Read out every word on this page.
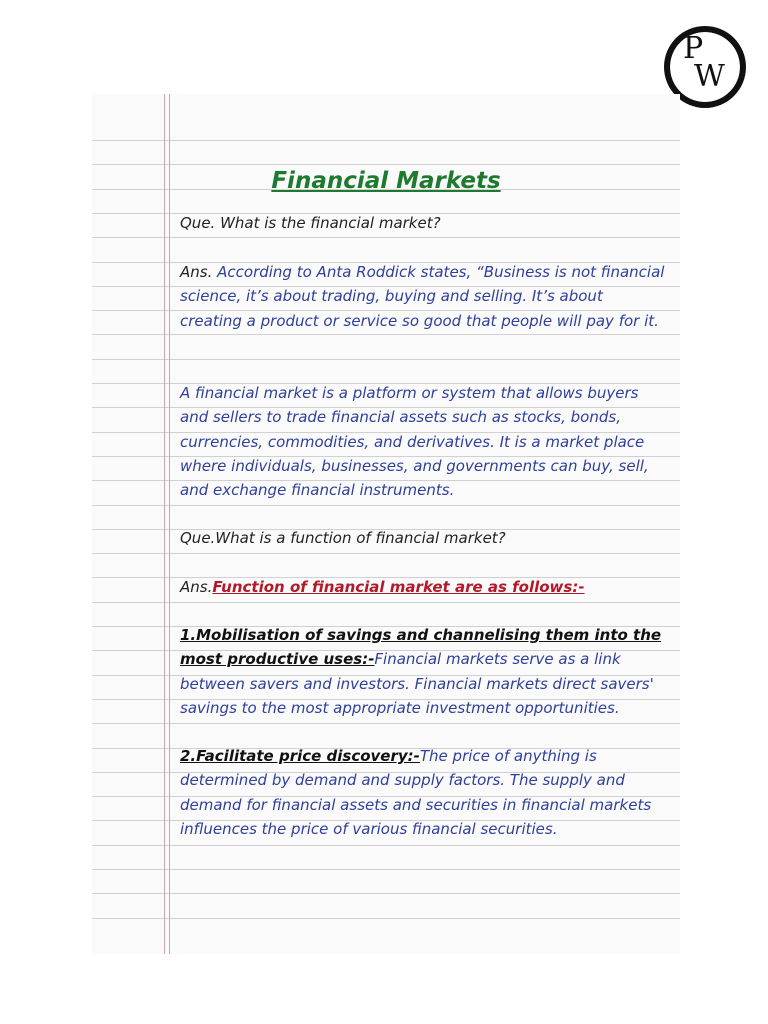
P
W
Financial Markets

Que. What is the financial market?

Ans. According to Anta Roddick states, “Business is not financial science, it’s about trading, buying and selling. It’s about creating a product or service so good that people will pay for it.

A financial market is a platform or system that allows buyers and sellers to trade financial assets such as stocks, bonds, currencies, commodities, and derivatives. It is a market place where individuals, businesses, and governments can buy, sell, and exchange financial instruments.

Que.What is a function of financial market?

Ans.Function of financial market are as follows:-

1.Mobilisation of savings and channelising them into the most productive uses:-Financial markets serve as a link between savers and investors. Financial markets direct savers' savings to the most appropriate investment opportunities.

2.Facilitate price discovery:-The price of anything is determined by demand and supply factors. The supply and demand for financial assets and securities in financial markets influences the price of various financial securities.
